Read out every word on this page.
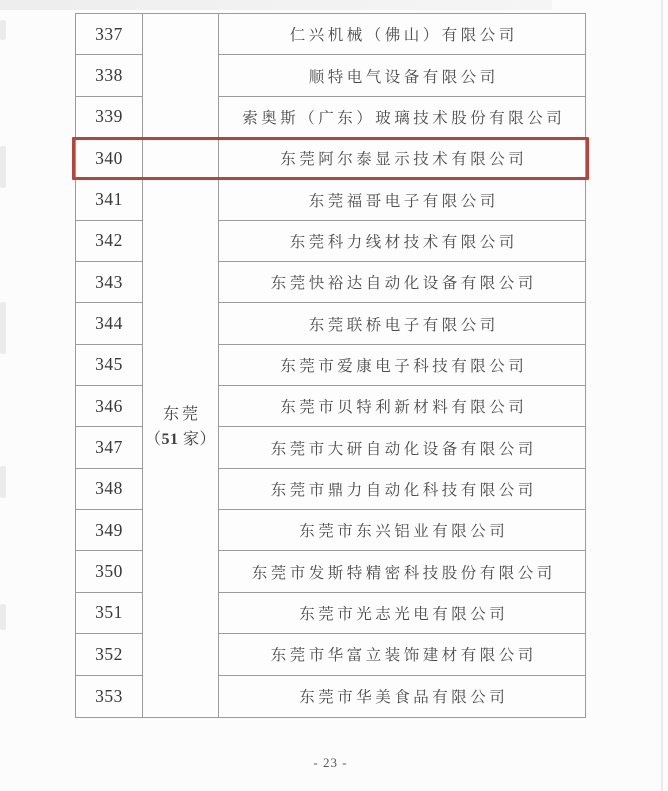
东莞
（51 家）
337	仁兴机械（佛山）有限公司
338	顺特电气设备有限公司
339	索奥斯（广东）玻璃技术股份有限公司
340	东莞阿尔泰显示技术有限公司
341	东莞福哥电子有限公司
342	东莞科力线材技术有限公司
343	东莞快裕达自动化设备有限公司
344	东莞联桥电子有限公司
345	东莞市爱康电子科技有限公司
346	东莞市贝特利新材料有限公司
347	东莞市大研自动化设备有限公司
348	东莞市鼎力自动化科技有限公司
349	东莞市东兴铝业有限公司
350	东莞市发斯特精密科技股份有限公司
351	东莞市光志光电有限公司
352	东莞市华富立装饰建材有限公司
353	东莞市华美食品有限公司
- 23 -
